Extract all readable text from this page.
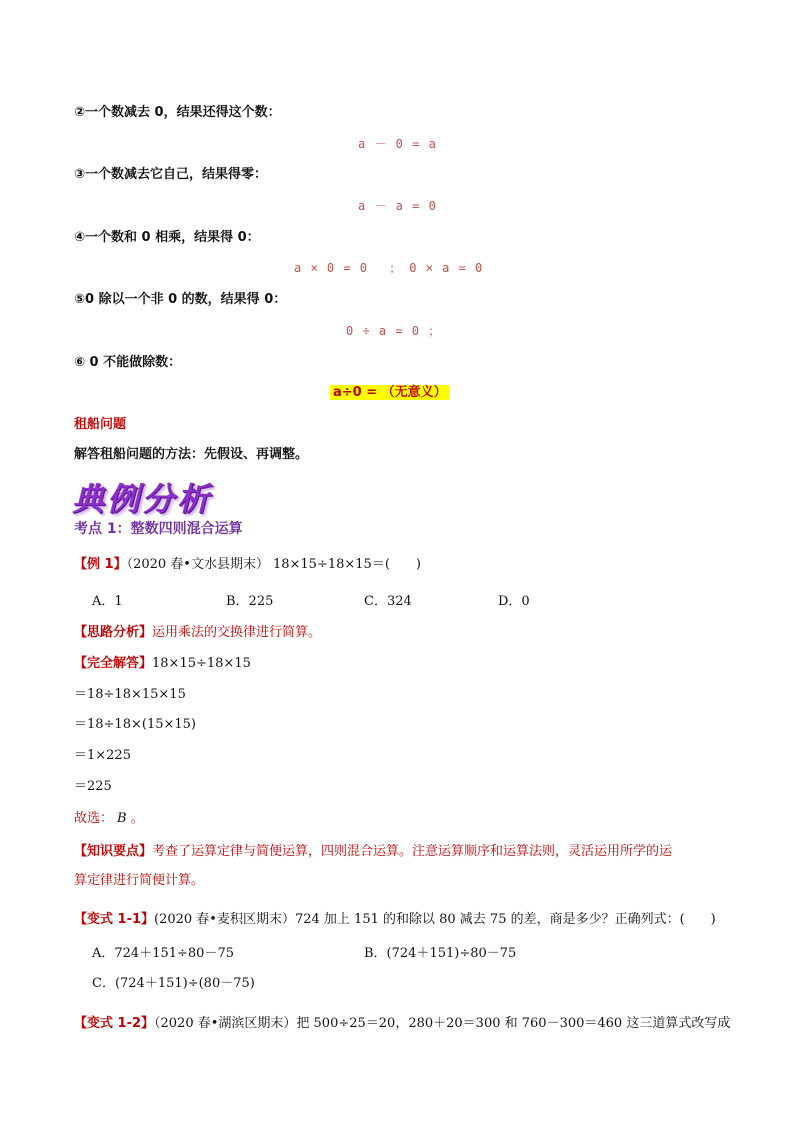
②一个数减去 0，结果还得这个数：
a － 0 = a
③一个数减去它自己，结果得零：
a － a = 0
④一个数和 0 相乘，结果得 0：
a × 0 = 0　 ；　0 × a = 0
⑤0 除以一个非 0 的数，结果得 0：
0 ÷ a = 0 ；
⑥ 0 不能做除数：
a÷0 = （无意义）
租船问题
解答租船问题的方法：先假设、再调整。
典例分析
考点 1：整数四则混合运算
【例 1】（2020 春•文水县期末） 18×15÷18×15＝(　　)
A．1	B．225	C．324	D．0
【思路分析】运用乘法的交换律进行简算。
【完全解答】18×15÷18×15
＝18÷18×15×15
＝18÷18×(15×15)
＝1×225
＝225
故选： B 。
【知识要点】考查了运算定律与简便运算，四则混合运算。注意运算顺序和运算法则，灵活运用所学的运
算定律进行简便计算。
【变式 1-1】(2020 春•麦积区期末）724 加上 151 的和除以 80 减去 75 的差，商是多少？正确列式：(　　)
A．724＋151÷80－75	B．(724＋151)÷80－75
C．(724＋151)÷(80－75)
【变式 1-2】（2020 春•湖滨区期末）把 500÷25＝20，280＋20＝300 和 760－300＝460 这三道算式改写成
